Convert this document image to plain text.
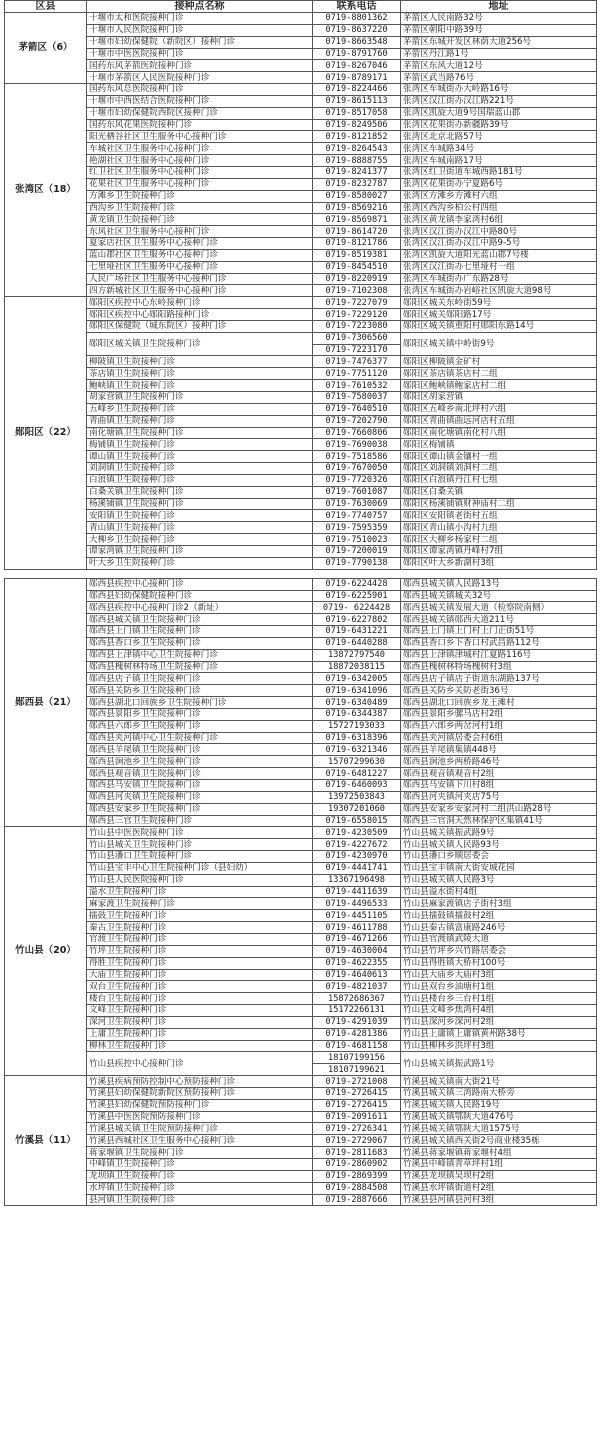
区县	接种点名称	联系电话	地址
茅箭区（6）	十堰市太和医院接种门诊	0719-8801362	茅箭区人民南路32号
	十堰市人民医院接种门诊	0719-8637220	茅箭区朝阳中路39号
	十堰市妇幼保健院（新院区）接种门诊	0719-8663548	茅箭区东城开发区林荫大道256号
	十堰市中医医院接种门诊	0719-8791760	茅箭区丹江路1号
	国药东风茅箭医院接种门诊	0719-8267046	茅箭区东风大道12号
	十堰市茅箭区人民医院接种门诊	0719-8789171	茅箭区武当路76号
张湾区（18）	国药东风总医院接种门诊	0719-8224466	张湾区车城街办大岭路16号
	十堰市中西医结合医院接种门诊	0719-8615113	张湾区汉江街办汉江路221号
	十堰市妇幼保健院西院区接种门诊	0719-8517058	张湾区凯旋大道9号国瑞蓝山郡
	国药东风花果医院接种门诊	0719-8249506	张湾区花果街办新疆路39号
	阳光栖谷社区卫生服务中心接种门诊	0719-8121852	张湾区北京北路57号
	车城社区卫生服务中心接种门诊	0719-8264543	张湾区车城路34号
	艳湖社区卫生服务中心接种门诊	0719-8888755	张湾区车城南路17号
	红卫社区卫生服务中心接种门诊	0719-8241377	张湾区红卫街道车城西路181号
	花果社区卫生服务中心接种门诊	0719-8232787	张湾区花果街办宁夏路6号
	方滩乡卫生院接种门诊	0719-8580027	张湾区方滩乡方滩村六组
	西沟乡卫生院接种门诊	0719-8569216	张湾区西沟乡柏公村四组
	黄龙镇卫生院接种门诊	0719-8569871	张湾区黄龙镇李家湾村6组
	东风社区卫生服务中心接种门诊	0719-8614720	张湾区汉江街办汉江中路80号
	夏家店社区卫生服务中心接种门诊	0719-8121786	张湾区汉江街办汉江中路9-5号
	蓝山郡社区卫生服务中心接种门诊	0719-8519381	张湾区凯旋大道阳光蓝山郡7号楼
	七里垭社区卫生服务中心接种门诊	0719-8454510	张湾区汉江街办七里垭村一组
	人民广场社区卫生服务中心接种门诊	0719-8220919	张湾区车城街办广东路28号
	四方新城社区卫生服务中心接种门诊	0719-7102308	张湾区车城街办岩峪社区凯旋大道98号
郧阳区（22）	郧阳区疾控中心东岭接种门诊	0719-7227079	郧阳区城关东岭街59号
	郧阳区疾控中心郧阳路接种门诊	0719-7229120	郧阳区城关郧阳路17号
	郧阳区保健院（城东院区）接种门诊	0719-7223080	郧阳区城关镇重阳村郧阳东路14号
	郧阳区城关镇卫生院接种门诊	0719-7306560	郧阳区城关镇中岭街9号
		0719-7223170	
	柳陂镇卫生院接种门诊	0719-7476377	郧阳区柳陂镇金矿村
	茶店镇卫生院接种门诊	0719-7751120	郧阳区茶店镇茶店村二组
	鲍峡镇卫生院接种门诊	0719-7610532	郧阳区鲍峡镇鲍家店村二组
	胡家营镇卫生院接种门诊	0719-7580037	郧阳区胡家营镇
	五峰乡卫生院接种门诊	0719-7640510	郧阳区五峰乡南北坪村六组
	青曲镇卫生院接种门诊	0719-7202790	郧阳区青曲镇曲远河店村五组
	南化塘镇卫生院接种门诊	0719-7660806	郧阳区南化塘镇南化村八组
	梅铺镇卫生院接种门诊	0719-7690038	郧阳区梅铺镇
	谭山镇卫生院接种门诊	0719-7518586	郧阳区谭山镇金镶村一组
	刘洞镇卫生院接种门诊	0719-7670050	郧阳区刘洞镇刘洞村二组
	白浪镇卫生院接种门诊	0719-7720326	郧阳区白浪镇丹江村七组
	白桑关镇卫生院接种门诊	0719-7601087	郧阳区白桑关镇
	杨溪铺镇卫生院接种门诊	0719-7630069	郧阳区杨溪铺镇财神庙村二组
	安阳镇卫生院接种门诊	0719-7740757	郧阳区安阳镇老街村五组
	青山镇卫生院接种门诊	0719-7595359	郧阳区青山镇小沟村九组
	大柳乡卫生院接种门诊	0719-7510023	郧阳区大柳乡杨家村二组
	谭家湾镇卫生院接种门诊	0719-7200019	郧阳区谭家湾镇丹峰村7组
	叶大乡卫生院接种门诊	0719-7790138	郧阳区叶大乡新湖村3组

郧西县（21）	郧西县疾控中心接种门诊	0719-6224428	郧西县城关镇人民路13号
	郧西县妇幼保健院接种门诊	0719-6225901	郧西县城关镇城关32号
	郧西县疾控中心接种门诊2（新址）	0719- 6224428	郧西县城关镇发展大道（检察院南侧）
	郧西县城关镇卫生院接种门诊	0719-6227802	郧西县城关镇郧西大道211号
	郧西县上门镇卫生院接种门诊	0719-6431221	郧西县上门镇上门村上门正街51号
	郧西县香口乡卫生院接种门诊	0719-6440288	郧西县香口乡下香口村武昌路112号
	郧西县上津镇中心卫生院接种门诊	13872797540	郧西县上津镇津城村江夏路116号
	郧西县槐树林特场卫生院接种门诊	18872038115	郧西县槐树林特场槐树村3组
	郧西县店子镇卫生院接种门诊	0719-6342005	郧西县店子镇店子街道东湖路137号
	郧西县关防乡卫生院接种门诊	0719-6341096	郧西县关防乡关防老街36号
	郧西县湖北口回族乡卫生院接种门诊	0719-6340489	郧西县湖北口回族乡龙王滩村
	郧西县景阳乡卫生院接种门诊	0719-6344387	郧西县景阳乡骡马店村2组
	郧西县六郎乡卫生院接种门诊	15727193033	郧西县六郎乡两岔河村1组
	郧西县夹河镇中心卫生院接种门诊	0719-6318396	郧西县夹河镇居委会村6组
	郧西县羊尾镇卫生院接种门诊	0719-6321346	郧西县羊尾镇集镇448号
	郧西县涧池乡卫生院接种门诊	15707299630	郧西县涧池乡两桥路46号
	郧西县观音镇卫生院接种门诊	0719-6481227	郧西县观音镇观音村2组
	郧西县马安镇卫生院接种门诊	0719-6460093	郧西县马安镇下川村8组
	郧西县河夹镇卫生院接种门诊	13972503843	郧西县河夹镇河夹店75号
	郧西县安家乡卫生院接种门诊	19307201060	郧西县安家乡安家河村二组洪山路28号
	郧西县三官卫生院接种门诊	0719-6558015	郧西县三官洞天然林保护区集镇41号
竹山县（20）	竹山县中医医院接种门诊	0719-4230509	竹山县城关镇振武路9号
	竹山县城关卫生院接种门诊	0719-4227672	竹山县城关镇人民路93号
	竹山县潘口卫生院接种门诊	0719-4230970	竹山县潘口乡顺居委会
	竹山县宝丰中心卫生院接种门诊（县妇幼）	0719-4441741	竹山县宝丰镇南大街安城花园
	竹山县人民医院接种门诊	13367196498	竹山县城关镇人民路3号
	溢水卫生院接种门诊	0719-4411639	竹山县溢水街村4组
	麻家渡卫生院接种门诊	0719-4496533	竹山县麻家渡镇店子街村3组
	擂鼓卫生院接种门诊	0719-4451105	竹山县擂鼓镇擂鼓村2组
	秦古卫生院接种门诊	0719-4611788	竹山县秦古镇富康路246号
	官渡卫生院接种门诊	0719-4671266	竹山县官渡镇武陵大道
	竹坪卫生院接种门诊	0719-4630004	竹山县竹坪乡兴竹路居委会
	得胜卫生院接种门诊	0719-4622355	竹山县得胜镇大桥村100号
	大庙卫生院接种门诊	0719-4640613	竹山县大庙乡大庙村3组
	双台卫生院接种门诊	0719-4821037	竹山县双台乡油塘村1组
	楼台卫生院接种门诊	15872686367	竹山县楼台乡三台村1组
	文峰卫生院接种门诊	15172266131	竹山县文峰乡焦湾村4组
	深河卫生院接种门诊	0719-4291039	竹山县深河乡深河村2组
	上庸卫生院接种门诊	0719-4281386	竹山县上庸镇上庸镇黄州路38号
	柳林卫生院接种门诊	0719-4681158	竹山县柳林乡洪坪村3组
	竹山县疾控中心接种门诊	18107199156	竹山县城关镇振武路1号
		18107199621	
竹溪县（11）	竹溪县疾病预防控制中心预防接种门诊	0719-2721008	竹溪县城关镇南大街21号
	竹溪县妇幼保健院新院区预防接种门诊	0719-2726415	竹溪县城关镇三湾路南大桥旁
	竹溪县妇幼保健院预防接种门诊	0719-2726415	竹溪县城关镇人民路19号
	竹溪县中医医院预防接种门诊	0719-2091611	竹溪县城关镇鄂陕大道476号
	竹溪县城关镇卫生院预防接种门诊	0719-2726341	竹溪县城关镇鄂陕大道1575号
	竹溪县西城社区卫生服务中心接种门诊	0719-2729067	竹溪县城关镇西关街2号商业楼35栋
	蒋家堰镇卫生院接种门诊	0719-2811683	竹溪县蒋家堰镇蒋家堰村4组
	中峰镇卫生院接种门诊	0719-2860902	竹溪县中峰镇青草坪村1组
	龙坝镇卫生院接种门诊	0719-2869399	竹溪县龙坝镇吴坝村2组
	水坪镇卫生院接种门诊	0719-2884508	竹溪县水坪镇街道村2组
	县河镇卫生院接种门诊	0719-2887666	竹溪县县河镇县河村3组
